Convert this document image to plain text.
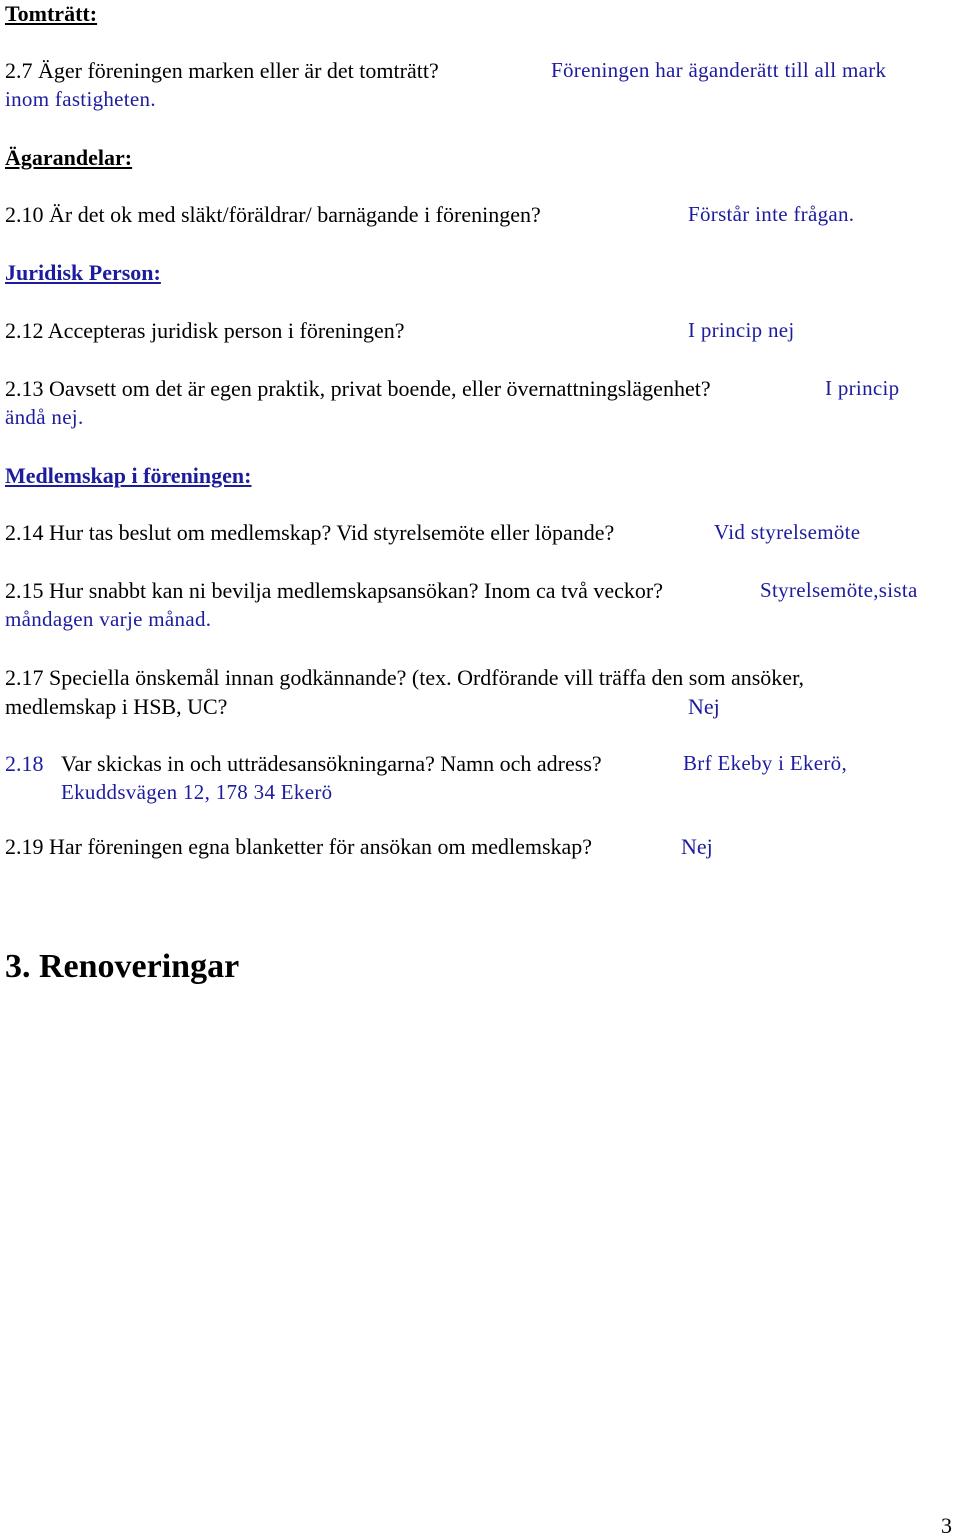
Tomträtt:
2.7 Äger föreningen marken eller är det tomträtt?	Föreningen har äganderätt till all mark
inom fastigheten.
Ägarandelar:
2.10 Är det ok med släkt/föräldrar/ barnägande i föreningen?	Förstår inte frågan.
Juridisk Person:
2.12 Accepteras juridisk person i föreningen?	I princip nej
2.13 Oavsett om det är egen praktik, privat boende, eller övernattningslägenhet?	I princip
ändå nej.
Medlemskap i föreningen:
2.14 Hur tas beslut om medlemskap? Vid styrelsemöte eller löpande?	Vid styrelsemöte
2.15 Hur snabbt kan ni bevilja medlemskapsansökan? Inom ca två veckor?	Styrelsemöte,sista
måndagen varje månad.
2.17 Speciella önskemål innan godkännande? (tex. Ordförande vill träffa den som ansöker,
medlemskap i HSB, UC?	Nej
2.18 Var skickas in och utträdesansökningarna? Namn och adress?	Brf Ekeby i Ekerö,
Ekuddsvägen 12, 178 34 Ekerö
2.19 Har föreningen egna blanketter för ansökan om medlemskap?	Nej
3. Renoveringar
3
